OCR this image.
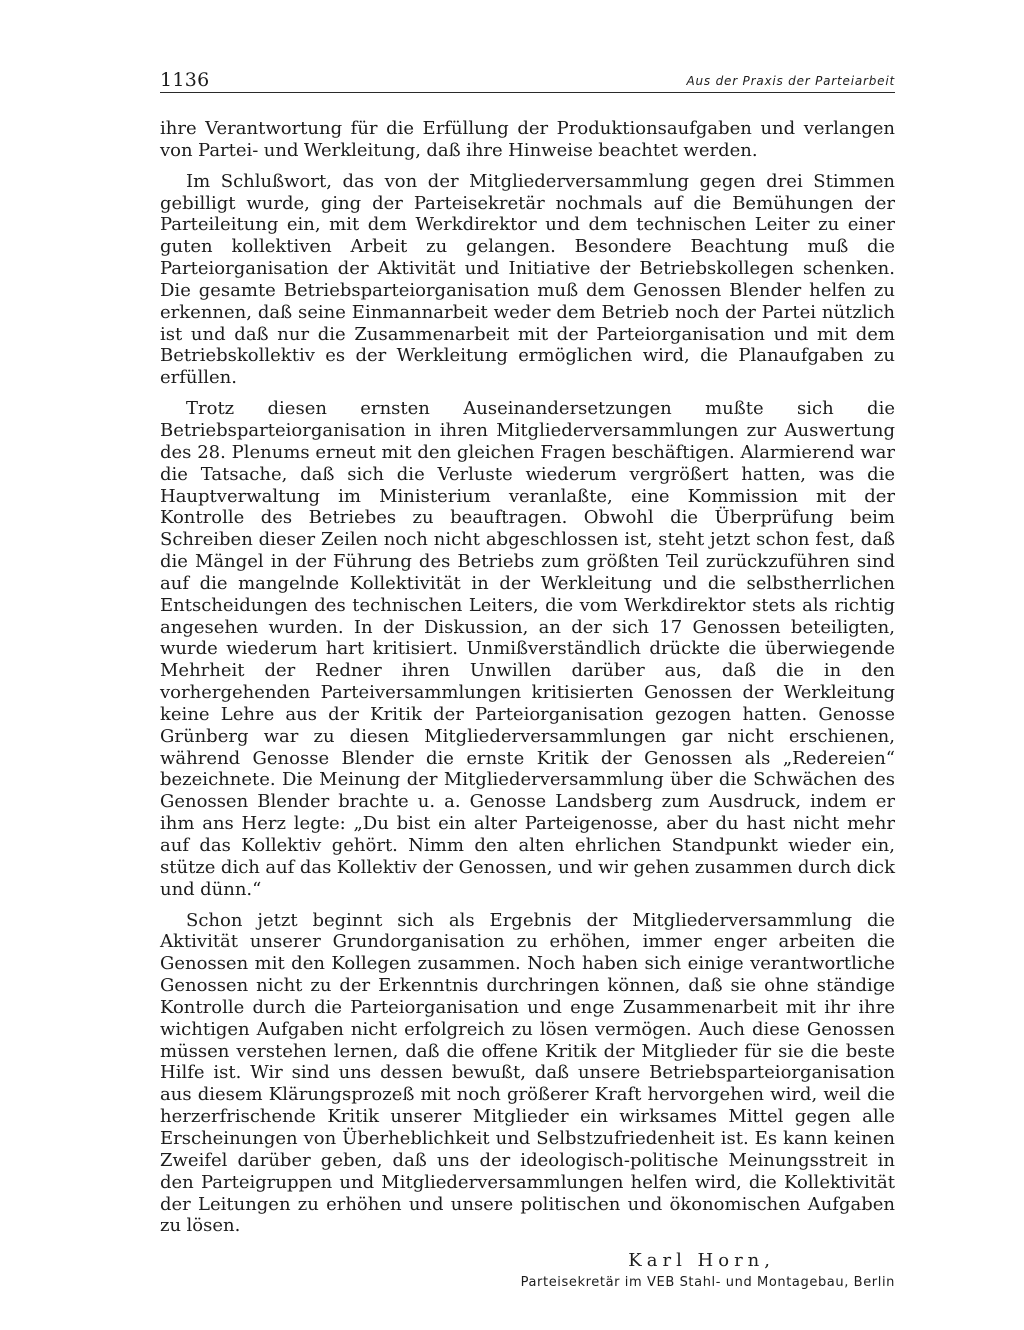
1136	Aus der Praxis der Parteiarbeit

ihre Verantwortung für die Erfüllung der Produktionsaufgaben und verlangen von Partei- und Werkleitung, daß ihre Hinweise beachtet werden.

Im Schlußwort, das von der Mitgliederversammlung gegen drei Stimmen gebilligt wurde, ging der Parteisekretär nochmals auf die Bemühungen der Parteileitung ein, mit dem Werkdirektor und dem technischen Leiter zu einer guten kollektiven Arbeit zu gelangen. Besondere Beachtung muß die Parteiorganisation der Aktivität und Initiative der Betriebskollegen schenken. Die gesamte Betriebsparteiorganisation muß dem Genossen Blender helfen zu erkennen, daß seine Einmannarbeit weder dem Betrieb noch der Partei nützlich ist und daß nur die Zusammenarbeit mit der Parteiorganisation und mit dem Betriebskollektiv es der Werkleitung ermöglichen wird, die Planaufgaben zu erfüllen.

Trotz diesen ernsten Auseinandersetzungen mußte sich die Betriebsparteiorganisation in ihren Mitgliederversammlungen zur Auswertung des 28. Plenums erneut mit den gleichen Fragen beschäftigen. Alarmierend war die Tatsache, daß sich die Verluste wiederum vergrößert hatten, was die Hauptverwaltung im Ministerium veranlaßte, eine Kommission mit der Kontrolle des Betriebes zu beauftragen. Obwohl die Überprüfung beim Schreiben dieser Zeilen noch nicht abgeschlossen ist, steht jetzt schon fest, daß die Mängel in der Führung des Betriebs zum größten Teil zurückzuführen sind auf die mangelnde Kollektivität in der Werkleitung und die selbstherrlichen Entscheidungen des technischen Leiters, die vom Werkdirektor stets als richtig angesehen wurden. In der Diskussion, an der sich 17 Genossen beteiligten, wurde wiederum hart kritisiert. Unmißverständlich drückte die überwiegende Mehrheit der Redner ihren Unwillen darüber aus, daß die in den vorhergehenden Parteiversammlungen kritisierten Genossen der Werkleitung keine Lehre aus der Kritik der Parteiorganisation gezogen hatten. Genosse Grünberg war zu diesen Mitgliederversammlungen gar nicht erschienen, während Genosse Blender die ernste Kritik der Genossen als „Redereien“ bezeichnete. Die Meinung der Mitgliederversammlung über die Schwächen des Genossen Blender brachte u. a. Genosse Landsberg zum Ausdruck, indem er ihm ans Herz legte: „Du bist ein alter Parteigenosse, aber du hast nicht mehr auf das Kollektiv gehört. Nimm den alten ehrlichen Standpunkt wieder ein, stütze dich auf das Kollektiv der Genossen, und wir gehen zusammen durch dick und dünn.“

Schon jetzt beginnt sich als Ergebnis der Mitgliederversammlung die Aktivität unserer Grundorganisation zu erhöhen, immer enger arbeiten die Genossen mit den Kollegen zusammen. Noch haben sich einige verantwortliche Genossen nicht zu der Erkenntnis durchringen können, daß sie ohne ständige Kontrolle durch die Parteiorganisation und enge Zusammenarbeit mit ihr ihre wichtigen Aufgaben nicht erfolgreich zu lösen vermögen. Auch diese Genossen müssen verstehen lernen, daß die offene Kritik der Mitglieder für sie die beste Hilfe ist. Wir sind uns dessen bewußt, daß unsere Betriebsparteiorganisation aus diesem Klärungsprozeß mit noch größerer Kraft hervorgehen wird, weil die herzerfrischende Kritik unserer Mitglieder ein wirksames Mittel gegen alle Erscheinungen von Überheblichkeit und Selbstzufriedenheit ist. Es kann keinen Zweifel darüber geben, daß uns der ideologisch-politische Meinungsstreit in den Parteigruppen und Mitgliederversammlungen helfen wird, die Kollektivität der Leitungen zu erhöhen und unsere politischen und ökonomischen Aufgaben zu lösen.

Karl Horn,
Parteisekretär im VEB Stahl- und Montagebau, Berlin
